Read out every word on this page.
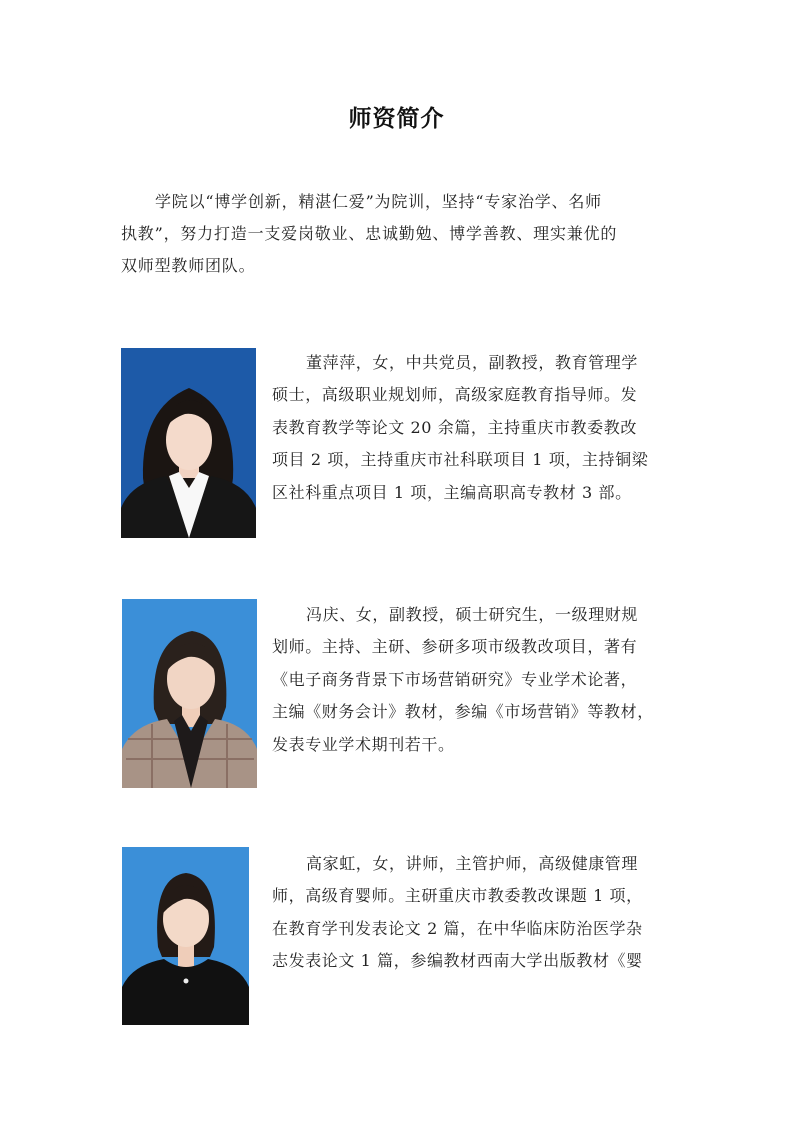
师资简介
学院以“博学创新，精湛仁爱”为院训，坚持“专家治学、名师
执教”，努力打造一支爱岗敬业、忠诚勤勉、博学善教、理实兼优的
双师型教师团队。
董萍萍，女，中共党员，副教授，教育管理学
硕士，高级职业规划师，高级家庭教育指导师。发
表教育教学等论文 20 余篇，主持重庆市教委教改
项目 2 项，主持重庆市社科联项目 1 项，主持铜梁
区社科重点项目 1 项，主编高职高专教材 3 部。
冯庆、女，副教授，硕士研究生，一级理财规
划师。主持、主研、参研多项市级教改项目，著有
《电子商务背景下市场营销研究》专业学术论著，
主编《财务会计》教材，参编《市场营销》等教材，
发表专业学术期刊若干。
高家虹，女，讲师，主管护师，高级健康管理
师，高级育婴师。主研重庆市教委教改课题 1 项，
在教育学刊发表论文 2 篇，在中华临床防治医学杂
志发表论文 1 篇，参编教材西南大学出版教材《婴
